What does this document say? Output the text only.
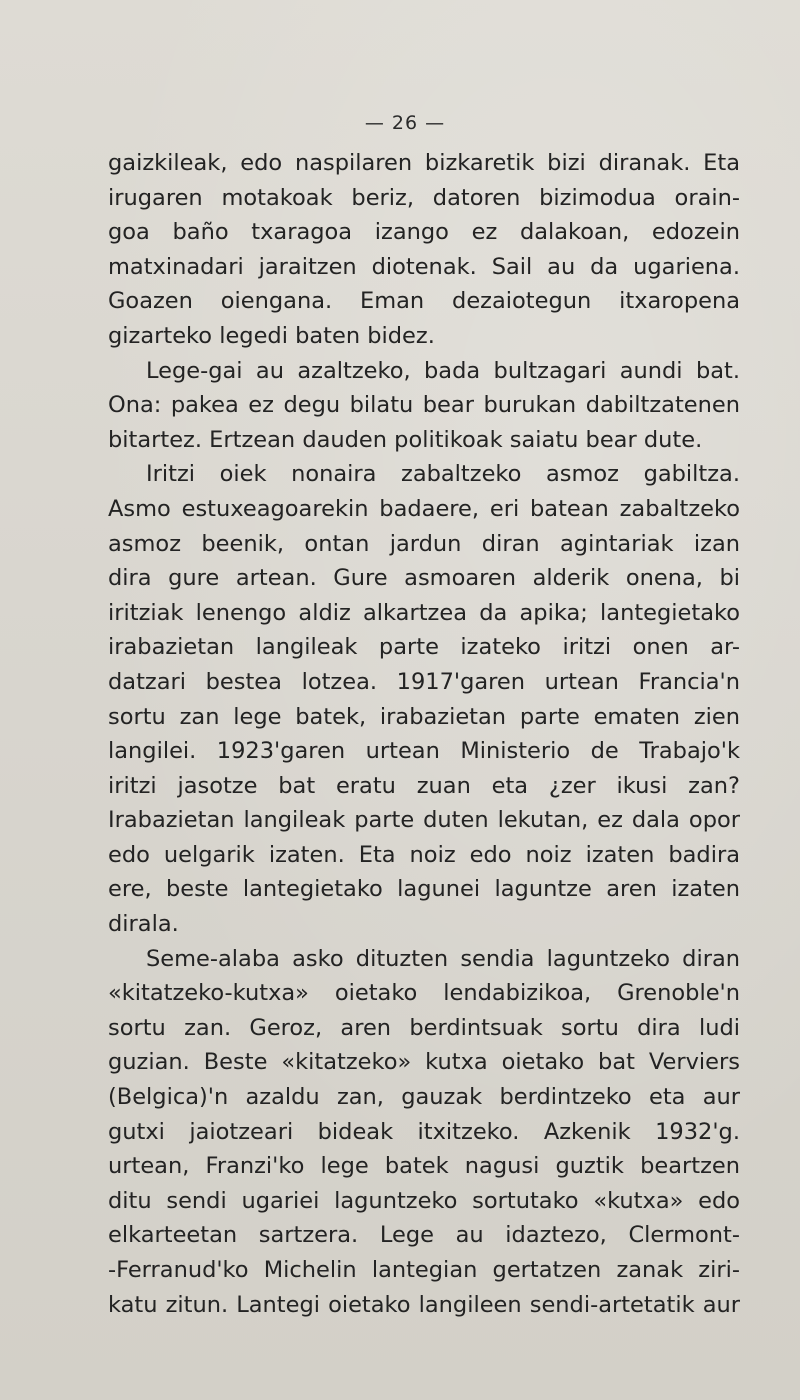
— 26 —
gaizkileak, edo naspilaren bizkaretik bizi diranak. Eta
irugaren motakoak beriz, datoren bizimodua orain-
goa baño txaragoa izango ez dalakoan, edozein
matxinadari jaraitzen diotenak. Sail au da ugariena.
Goazen oiengana. Eman dezaiotegun itxaropena
gizarteko legedi baten bidez.
Lege-gai au azaltzeko, bada bultzagari aundi bat.
Ona: pakea ez degu bilatu bear burukan dabiltzatenen
bitartez. Ertzean dauden politikoak saiatu bear dute.
Iritzi oiek nonaira zabaltzeko asmoz gabiltza.
Asmo estuxeagoarekin badaere, eri batean zabaltzeko
asmoz beenik, ontan jardun diran agintariak izan
dira gure artean. Gure asmoaren alderik onena, bi
iritziak lenengo aldiz alkartzea da apika; lantegietako
irabazietan langileak parte izateko iritzi onen ar-
datzari bestea lotzea. 1917'garen urtean Francia'n
sortu zan lege batek, irabazietan parte ematen zien
langilei. 1923'garen urtean Ministerio de Trabajo'k
iritzi jasotze bat eratu zuan eta ¿zer ikusi zan?
Irabazietan langileak parte duten lekutan, ez dala opor
edo uelgarik izaten. Eta noiz edo noiz izaten badira
ere, beste lantegietako lagunei laguntze aren izaten
dirala.
Seme-alaba asko dituzten sendia laguntzeko diran
«kitatzeko-kutxa» oietako lendabizikoa, Grenoble'n
sortu zan. Geroz, aren berdintsuak sortu dira ludi
guzian. Beste «kitatzeko» kutxa oietako bat Verviers
(Belgica)'n azaldu zan, gauzak berdintzeko eta aur
gutxi jaiotzeari bideak itxitzeko. Azkenik 1932'g.
urtean, Franzi'ko lege batek nagusi guztik beartzen
ditu sendi ugariei laguntzeko sortutako «kutxa» edo
elkarteetan sartzera. Lege au idaztezo, Clermont-
-Ferranud'ko Michelin lantegian gertatzen zanak ziri-
katu zitun. Lantegi oietako langileen sendi-artetatik aur
